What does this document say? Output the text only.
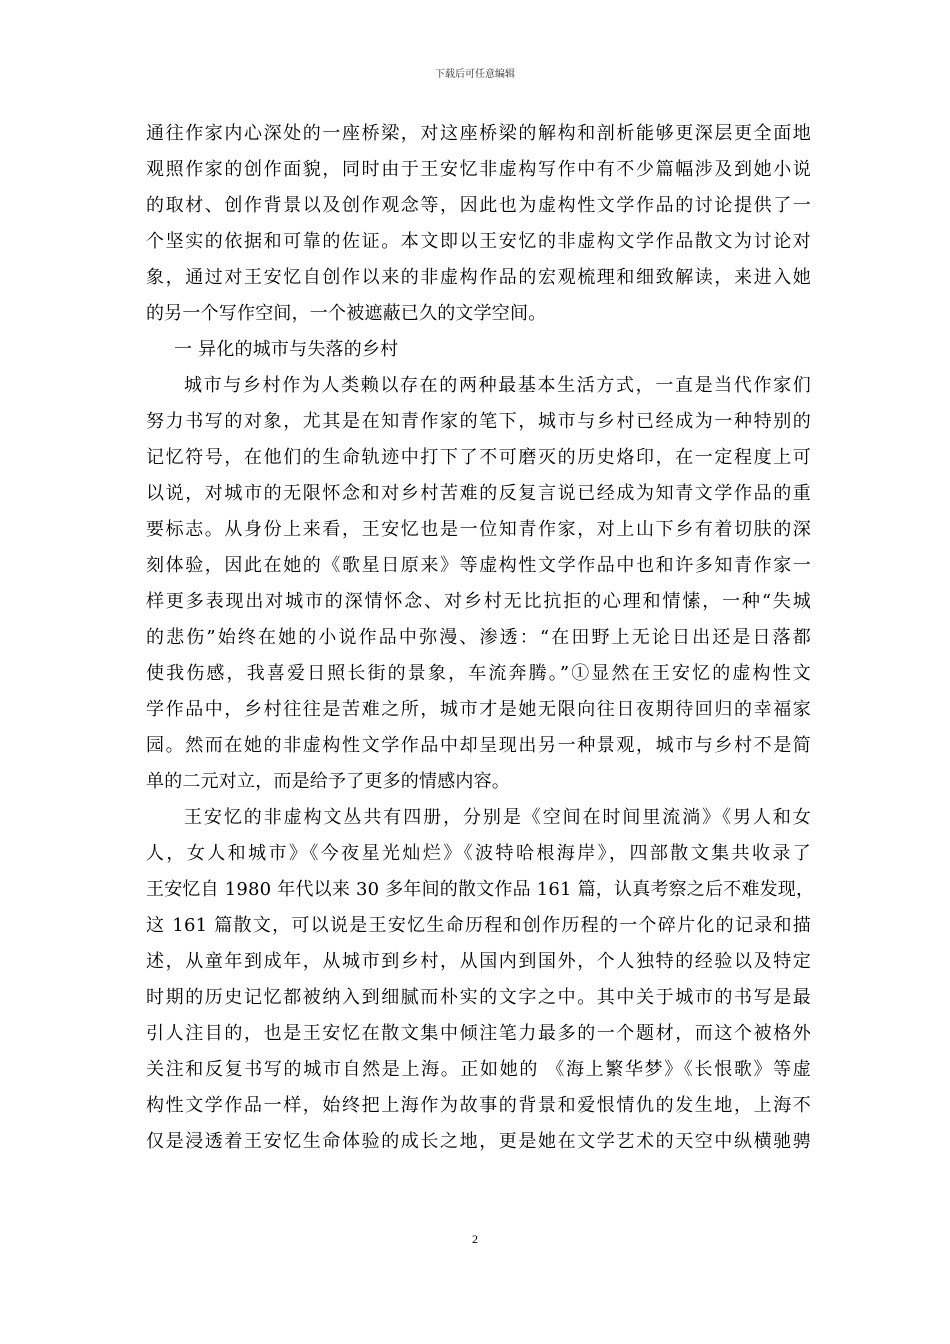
下载后可任意编辑
通往作家内心深处的一座桥梁，对这座桥梁的解构和剖析能够更深层更全面地
观照作家的创作面貌，同时由于王安忆非虚构写作中有不少篇幅涉及到她小说
的取材、创作背景以及创作观念等，因此也为虚构性文学作品的讨论提供了一
个坚实的依据和可靠的佐证。本文即以王安忆的非虚构文学作品散文为讨论对
象，通过对王安忆自创作以来的非虚构作品的宏观梳理和细致解读，来进入她
的另一个写作空间，一个被遮蔽已久的文学空间。
一 异化的城市与失落的乡村
城市与乡村作为人类赖以存在的两种最基本生活方式，一直是当代作家们
努力书写的对象，尤其是在知青作家的笔下，城市与乡村已经成为一种特别的
记忆符号，在他们的生命轨迹中打下了不可磨灭的历史烙印，在一定程度上可
以说，对城市的无限怀念和对乡村苦难的反复言说已经成为知青文学作品的重
要标志。从身份上来看，王安忆也是一位知青作家，对上山下乡有着切肤的深
刻体验，因此在她的《歌星日原来》等虚构性文学作品中也和许多知青作家一
样更多表现出对城市的深情怀念、对乡村无比抗拒的心理和情愫，一种“失城
的悲伤”始终在她的小说作品中弥漫、渗透：“在田野上无论日出还是日落都
使我伤感，我喜爱日照长街的景象，车流奔腾。”①显然在王安忆的虚构性文
学作品中，乡村往往是苦难之所，城市才是她无限向往日夜期待回归的幸福家
园。然而在她的非虚构性文学作品中却呈现出另一种景观，城市与乡村不是简
单的二元对立，而是给予了更多的情感内容。
王安忆的非虚构文丛共有四册，分别是《空间在时间里流淌》《男人和女
人，女人和城市》《今夜星光灿烂》《波特哈根海岸》，四部散文集共收录了
王安忆自 1980 年代以来 30 多年间的散文作品 161 篇，认真考察之后不难发现，
这 161 篇散文，可以说是王安忆生命历程和创作历程的一个碎片化的记录和描
述，从童年到成年，从城市到乡村，从国内到国外，个人独特的经验以及特定
时期的历史记忆都被纳入到细腻而朴实的文字之中。其中关于城市的书写是最
引人注目的，也是王安忆在散文集中倾注笔力最多的一个题材，而这个被格外
关注和反复书写的城市自然是上海。正如她的 《海上繁华梦》《长恨歌》等虚
构性文学作品一样，始终把上海作为故事的背景和爱恨情仇的发生地，上海不
仅是浸透着王安忆生命体验的成长之地，更是她在文学艺术的天空中纵横驰骋
2
